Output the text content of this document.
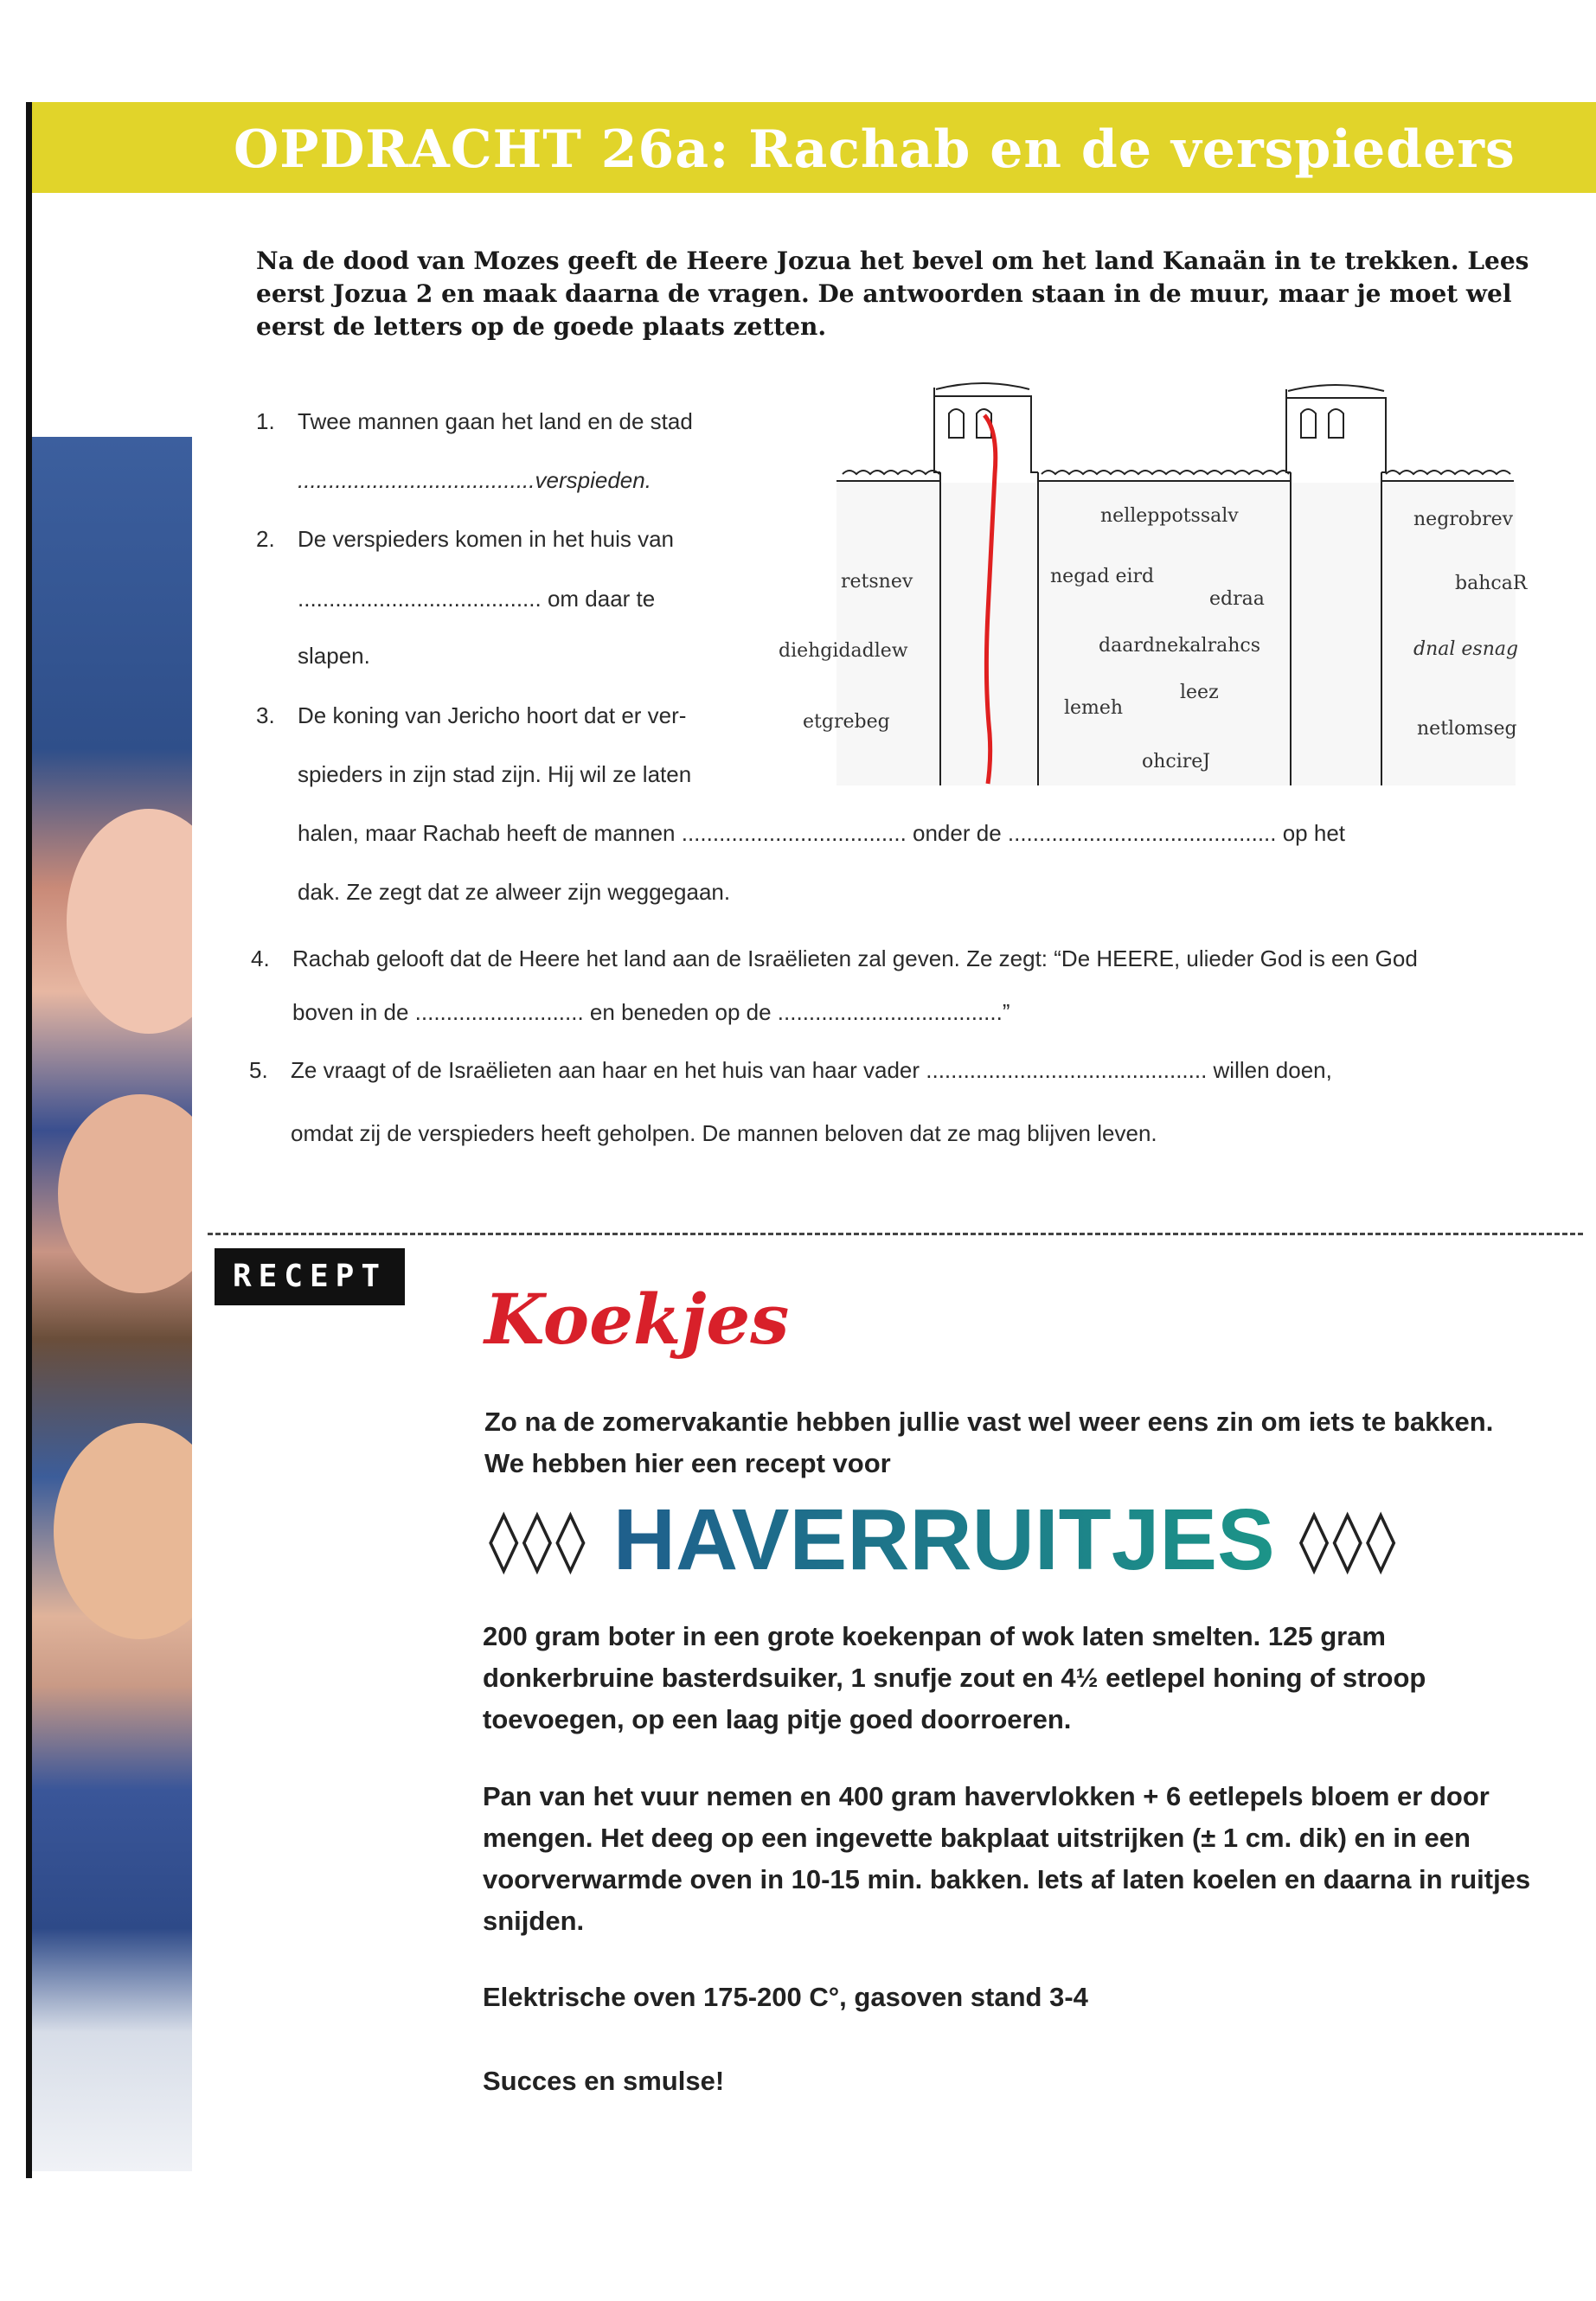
OPDRACHT 26a: Rachab en de verspieders
Na de dood van Mozes geeft de Heere Jozua het bevel om het land Kanaän in te trekken. Lees eerst Jozua 2 en maak daarna de vragen. De antwoorden staan in de muur, maar je moet wel eerst de letters op de goede plaats zetten.
1. Twee mannen gaan het land en de stad
......................................verspieden.
2. De verspieders komen in het huis van
....................................... om daar te
slapen.
3. De koning van Jericho hoort dat er ver-
spieders in zijn stad zijn. Hij wil ze laten
halen, maar Rachab heeft de mannen .................................... onder de ........................................... op het
dak. Ze zegt dat ze alweer zijn weggegaan.
4. Rachab gelooft dat de Heere het land aan de Israëlieten zal geven. Ze zegt: “De HEERE, ulieder God is een God
boven in de ........................... en beneden op de ....................................”
5. Ze vraagt of de Israëlieten aan haar en het huis van haar vader ............................................. willen doen,
omdat zij de verspieders heeft geholpen. De mannen beloven dat ze mag blijven leven.
retsnev
diehgidadlew
etgrebeg
nelleppotssalv
negad eird
edraa
daardnekalrahcs
leez
lemeh
ohcireJ
negrobrev
bahcaR
dnal esnag
netlomseg
RECEPT
Koekjes
Zo na de zomervakantie hebben jullie vast wel weer eens zin om iets te bakken. We hebben hier een recept voor
◊◊◊ HAVERRUITJES ◊◊◊
200 gram boter in een grote koekenpan of wok laten smelten. 125 gram donkerbruine basterdsuiker, 1 snufje zout en 4½ eetlepel honing of stroop toevoegen, op een laag pitje goed doorroeren.
Pan van het vuur nemen en 400 gram havervlokken + 6 eetlepels bloem er door mengen. Het deeg op een ingevette bakplaat uitstrijken (± 1 cm. dik) en in een voorverwarmde oven in 10-15 min. bakken. Iets af laten koelen en daarna in ruitjes snijden.
Elektrische oven 175-200 C°, gasoven stand 3-4
Succes en smulse!
